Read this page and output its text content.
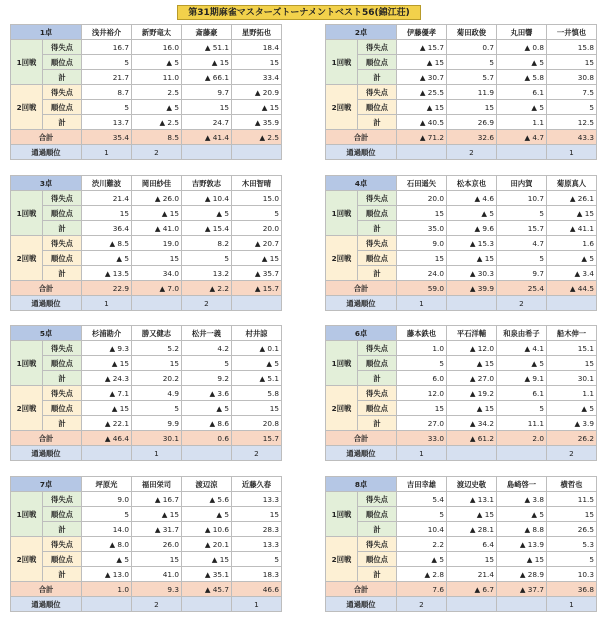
第31期麻雀マスターズトーナメントベスト56(錦江荘)
1卓		浅井裕介	新野竜太	斎藤豪	星野拓也
1回戦	得失点	16.7	16.0	▲ 51.1	18.4
	順位点	5	▲ 5	▲ 15	15
	計	21.7	11.0	▲ 66.1	33.4
2回戦	得失点	8.7	2.5	9.7	▲ 20.9
	順位点	5	▲ 5	15	▲ 15
	計	13.7	▲ 2.5	24.7	▲ 35.9
合計		35.4	8.5	▲ 41.4	▲ 2.5
通過順位		1	2		
2卓		伊藤優孝	菊田政俊	丸田響	一井慎也
1回戦	得失点	▲ 15.7	0.7	▲ 0.8	15.8
	順位点	▲ 15	5	▲ 5	15
	計	▲ 30.7	5.7	▲ 5.8	30.8
2回戦	得失点	▲ 25.5	11.9	6.1	7.5
	順位点	▲ 15	15	▲ 5	5
	計	▲ 40.5	26.9	1.1	12.5
合計		▲ 71.2	32.6	▲ 4.7	43.3
通過順位			2		1
3卓		渋川難波	岡田紗佳	吉野敦志	木田智晴
1回戦	得失点	21.4	▲ 26.0	▲ 10.4	15.0
	順位点	15	▲ 15	▲ 5	5
	計	36.4	▲ 41.0	▲ 15.4	20.0
2回戦	得失点	▲ 8.5	19.0	8.2	▲ 20.7
	順位点	▲ 5	15	5	▲ 15
	計	▲ 13.5	34.0	13.2	▲ 35.7
合計		22.9	▲ 7.0	▲ 2.2	▲ 15.7
通過順位		1		2	
4卓		石田遥矢	松本京也	田内賀	菊原真人
1回戦	得失点	20.0	▲ 4.6	10.7	▲ 26.1
	順位点	15	▲ 5	5	▲ 15
	計	35.0	▲ 9.6	15.7	▲ 41.1
2回戦	得失点	9.0	▲ 15.3	4.7	1.6
	順位点	15	▲ 15	5	▲ 5
	計	24.0	▲ 30.3	9.7	▲ 3.4
合計		59.0	▲ 39.9	25.4	▲ 44.5
通過順位		1		2	
5卓		杉浦勘介	勝又健志	松井一義	村井諒
1回戦	得失点	▲ 9.3	5.2	4.2	▲ 0.1
	順位点	▲ 15	15	5	▲ 5
	計	▲ 24.3	20.2	9.2	▲ 5.1
2回戦	得失点	▲ 7.1	4.9	▲ 3.6	5.8
	順位点	▲ 15	5	▲ 5	15
	計	▲ 22.1	9.9	▲ 8.6	20.8
合計		▲ 46.4	30.1	0.6	15.7
通過順位			1		2
6卓		藤本鉄也	平石洋輔	和泉由希子	船木伸一
1回戦	得失点	1.0	▲ 12.0	▲ 4.1	15.1
	順位点	5	▲ 15	▲ 5	15
	計	6.0	▲ 27.0	▲ 9.1	30.1
2回戦	得失点	12.0	▲ 19.2	6.1	1.1
	順位点	15	▲ 15	5	▲ 5
	計	27.0	▲ 34.2	11.1	▲ 3.9
合計		33.0	▲ 61.2	2.0	26.2
通過順位		1			2
7卓		坪原光	福田栄司	渡辺涼	近藤久春
1回戦	得失点	9.0	▲ 16.7	▲ 5.6	13.3
	順位点	5	▲ 15	▲ 5	15
	計	14.0	▲ 31.7	▲ 10.6	28.3
2回戦	得失点	▲ 8.0	26.0	▲ 20.1	13.3
	順位点	▲ 5	15	▲ 15	5
	計	▲ 13.0	41.0	▲ 35.1	18.3
合計		1.0	9.3	▲ 45.7	46.6
通過順位			2		1
8卓		吉田幸雄	渡辺史敬	島崎啓一	横哲也
1回戦	得失点	5.4	▲ 13.1	▲ 3.8	11.5
	順位点	5	▲ 15	▲ 5	15
	計	10.4	▲ 28.1	▲ 8.8	26.5
2回戦	得失点	2.2	6.4	▲ 13.9	5.3
	順位点	▲ 5	15	▲ 15	5
	計	▲ 2.8	21.4	▲ 28.9	10.3
合計		7.6	▲ 6.7	▲ 37.7	36.8
通過順位		2			1
